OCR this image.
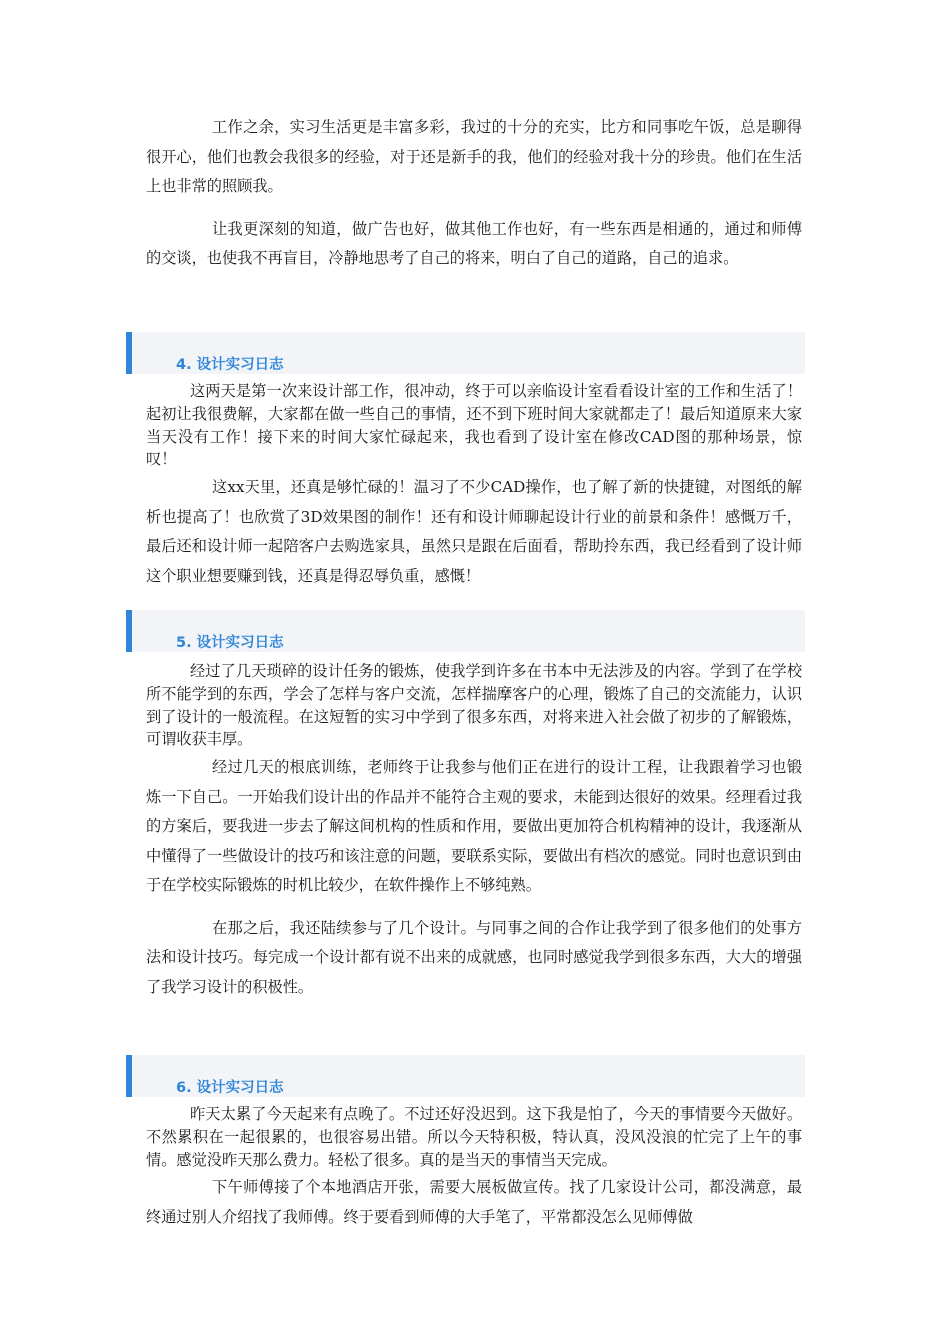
工作之余，实习生活更是丰富多彩，我过的十分的充实，比方和同事吃午饭，总是聊得很开心，他们也教会我很多的经验，对于还是新手的我，他们的经验对我十分的珍贵。他们在生活上也非常的照顾我。

让我更深刻的知道，做广告也好，做其他工作也好，有一些东西是相通的，通过和师傅的交谈，也使我不再盲目，冷静地思考了自己的将来，明白了自己的道路，自己的追求。

4. 设计实习日志

这两天是第一次来设计部工作，很冲动，终于可以亲临设计室看看设计室的工作和生活了！起初让我很费解，大家都在做一些自己的事情，还不到下班时间大家就都走了！最后知道原来大家当天没有工作！接下来的时间大家忙碌起来，我也看到了设计室在修改CAD图的那种场景，惊叹！

这xx天里，还真是够忙碌的！温习了不少CAD操作，也了解了新的快捷键，对图纸的解析也提高了！也欣赏了3D效果图的制作！还有和设计师聊起设计行业的前景和条件！感慨万千，最后还和设计师一起陪客户去购选家具，虽然只是跟在后面看，帮助拎东西，我已经看到了设计师这个职业想要赚到钱，还真是得忍辱负重，感慨！

5. 设计实习日志

经过了几天琐碎的设计任务的锻炼，使我学到许多在书本中无法涉及的内容。学到了在学校所不能学到的东西，学会了怎样与客户交流，怎样揣摩客户的心理，锻炼了自己的交流能力，认识到了设计的一般流程。在这短暂的实习中学到了很多东西，对将来进入社会做了初步的了解锻炼，可谓收获丰厚。

经过几天的根底训练，老师终于让我参与他们正在进行的设计工程，让我跟着学习也锻炼一下自己。一开始我们设计出的作品并不能符合主观的要求，未能到达很好的效果。经理看过我的方案后，要我进一步去了解这间机构的性质和作用，要做出更加符合机构精神的设计，我逐渐从中懂得了一些做设计的技巧和该注意的问题，要联系实际，要做出有档次的感觉。同时也意识到由于在学校实际锻炼的时机比较少，在软件操作上不够纯熟。

在那之后，我还陆续参与了几个设计。与同事之间的合作让我学到了很多他们的处事方法和设计技巧。每完成一个设计都有说不出来的成就感，也同时感觉我学到很多东西，大大的增强了我学习设计的积极性。

6. 设计实习日志

昨天太累了今天起来有点晚了。不过还好没迟到。这下我是怕了，今天的事情要今天做好。不然累积在一起很累的，也很容易出错。所以今天特积极，特认真，没风没浪的忙完了上午的事情。感觉没昨天那么费力。轻松了很多。真的是当天的事情当天完成。

下午师傅接了个本地酒店开张，需要大展板做宣传。找了几家设计公司，都没满意，最终通过别人介绍找了我师傅。终于要看到师傅的大手笔了，平常都没怎么见师傅做
